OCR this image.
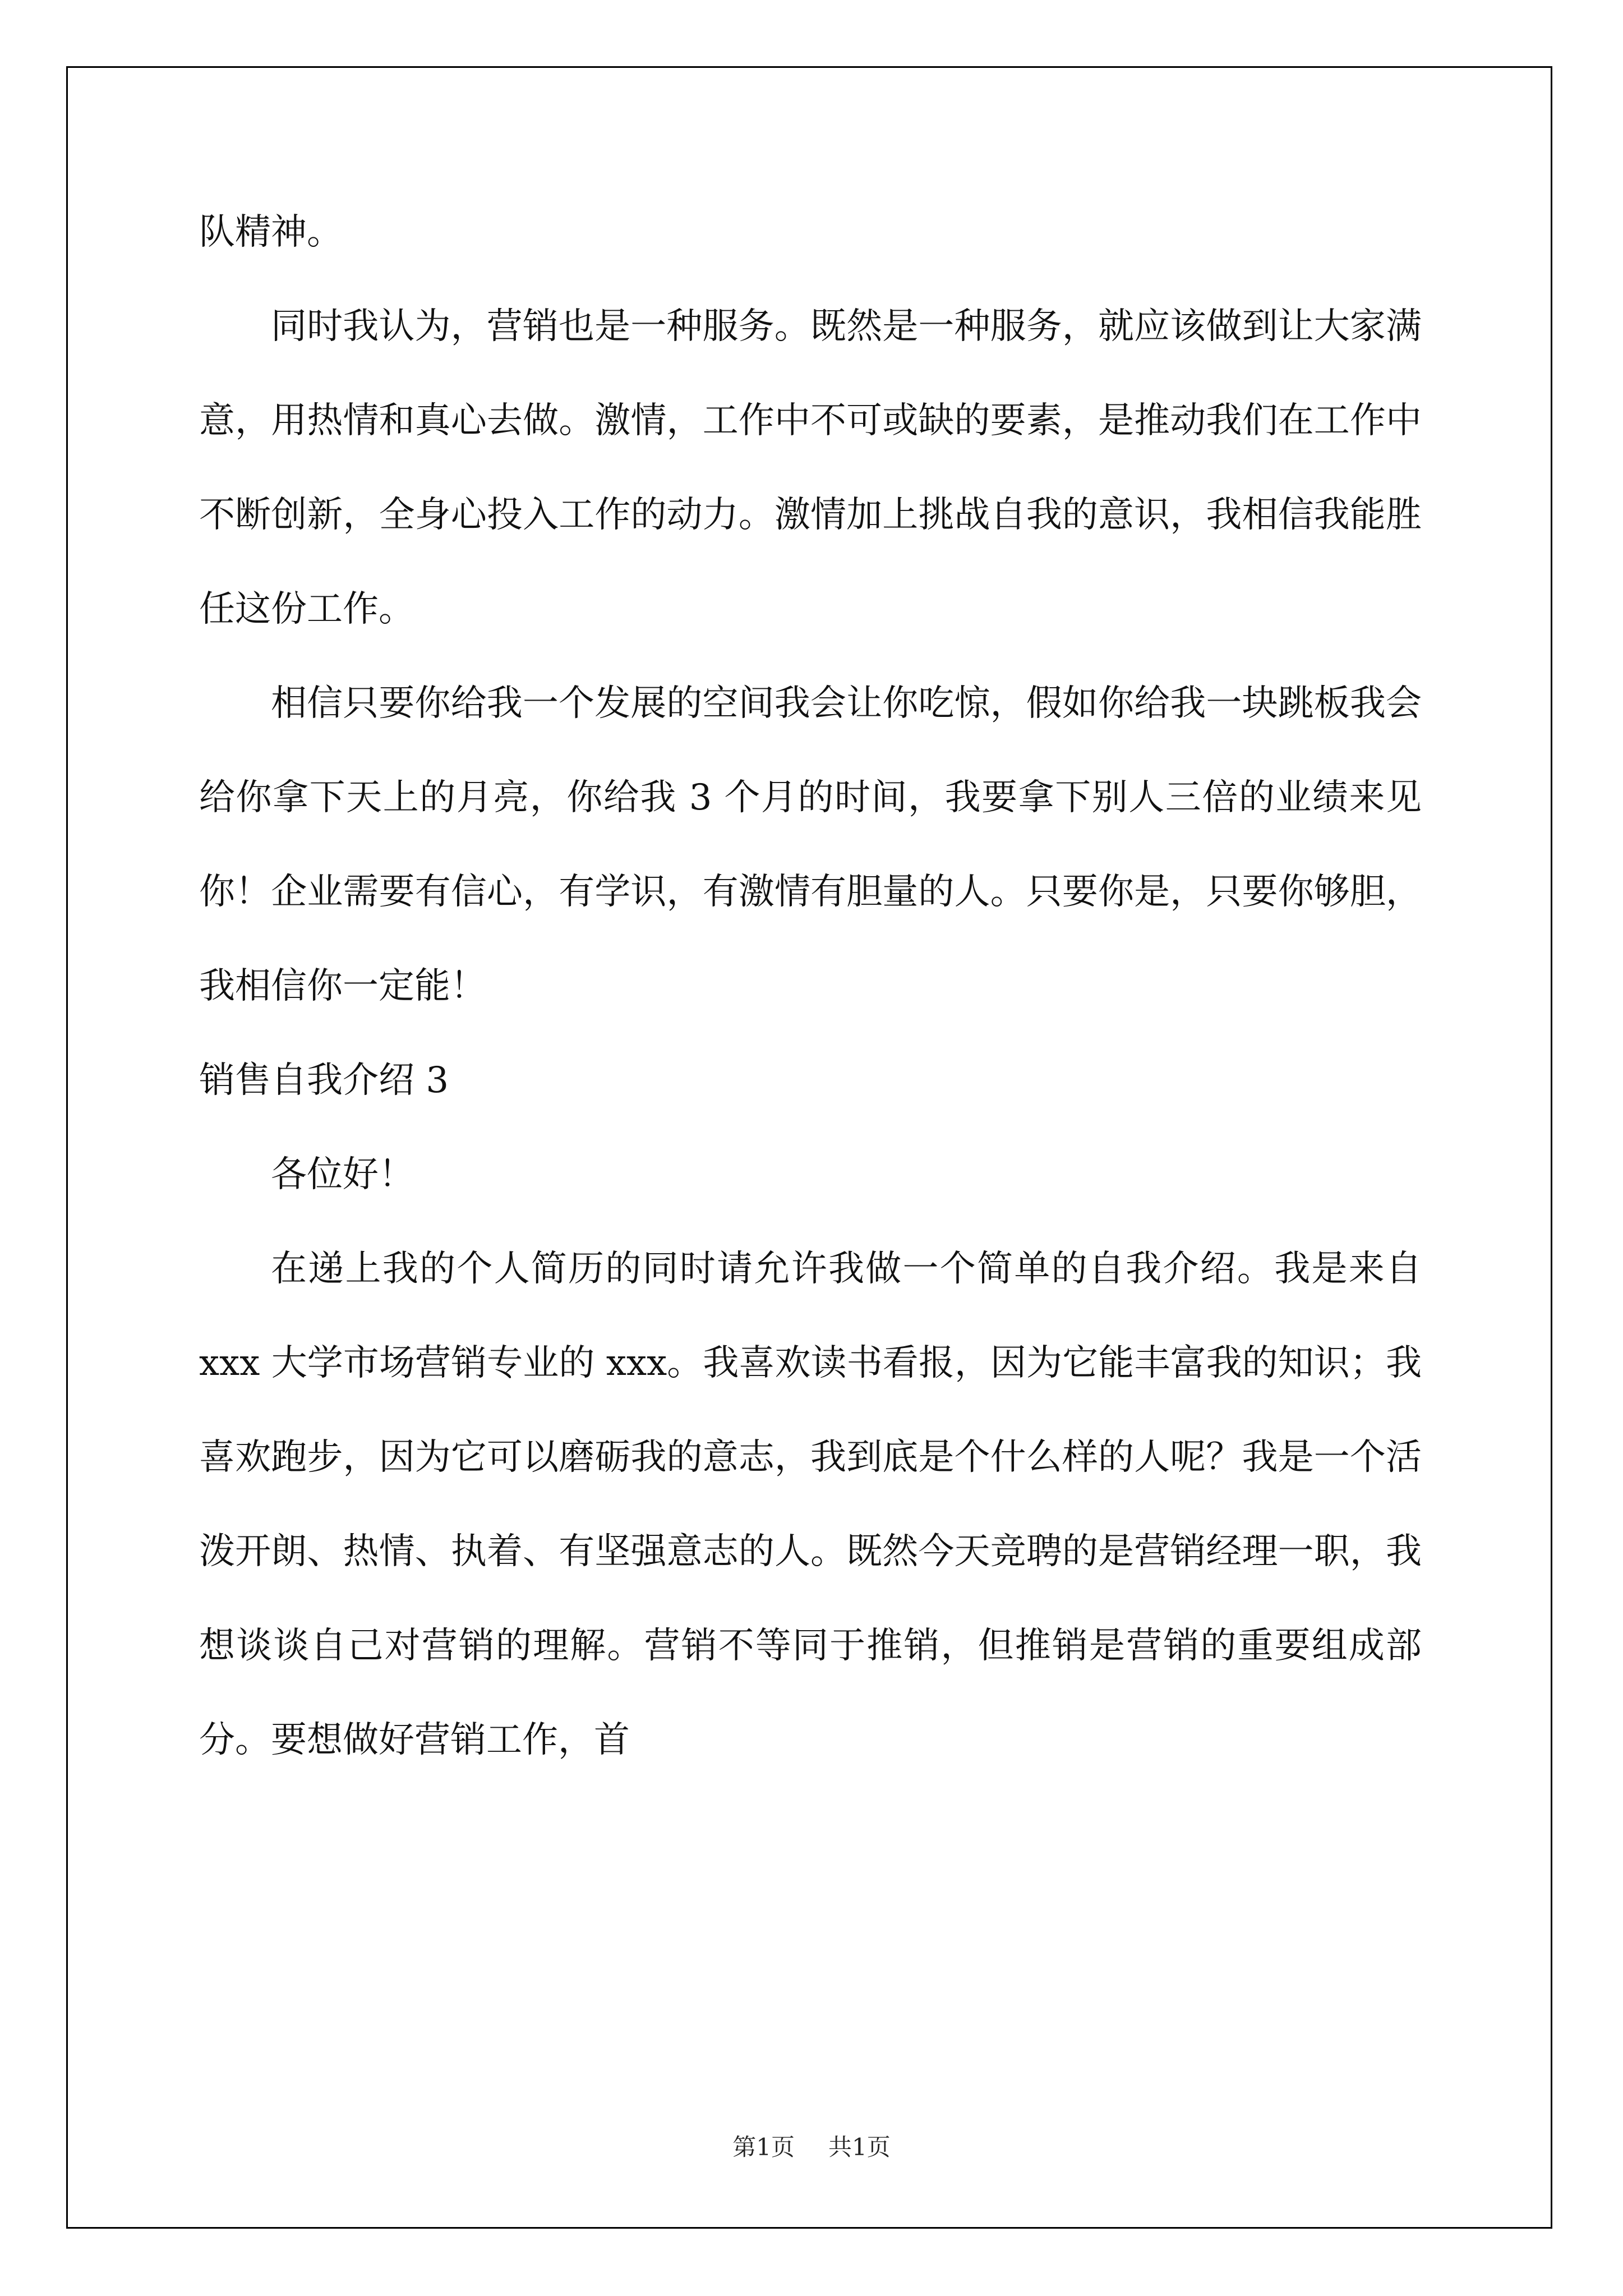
队精神。

同时我认为，营销也是一种服务。既然是一种服务，就应该做到让大家满意，用热情和真心去做。激情，工作中不可或缺的要素，是推动我们在工作中不断创新，全身心投入工作的动力。激情加上挑战自我的意识，我相信我能胜任这份工作。

相信只要你给我一个发展的空间我会让你吃惊，假如你给我一块跳板我会给你拿下天上的月亮，你给我 3 个月的时间，我要拿下别人三倍的业绩来见你！企业需要有信心，有学识，有激情有胆量的人。只要你是，只要你够胆，我相信你一定能！

销售自我介绍 3

各位好！

在递上我的个人简历的同时请允许我做一个简单的自我介绍。我是来自 xxx 大学市场营销专业的 xxx。我喜欢读书看报，因为它能丰富我的知识；我喜欢跑步，因为它可以磨砺我的意志，我到底是个什么样的人呢？我是一个活泼开朗、热情、执着、有坚强意志的人。既然今天竞聘的是营销经理一职，我想谈谈自己对营销的理解。营销不等同于推销，但推销是营销的重要组成部分。要想做好营销工作，首

第1页 共1页
